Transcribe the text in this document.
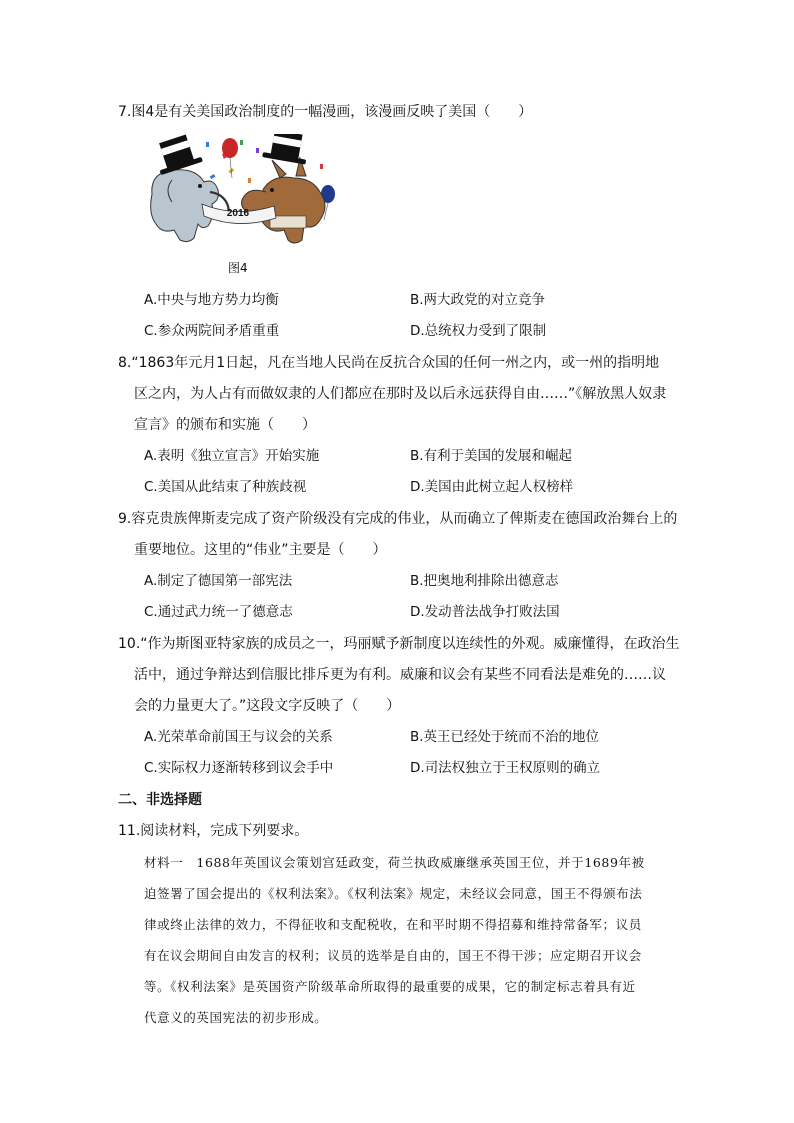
7.图4是有关美国政治制度的一幅漫画，该漫画反映了美国（　　）
2016
图4
A.中央与地方势力均衡	B.两大政党的对立竞争
C.参众两院间矛盾重重	D.总统权力受到了限制
8.“1863年元月1日起，凡在当地人民尚在反抗合众国的任何一州之内，或一州的指明地
区之内，为人占有而做奴隶的人们都应在那时及以后永远获得自由……”《解放黑人奴隶
宣言》的颁布和实施（　　）
A.表明《独立宣言》开始实施	B.有利于美国的发展和崛起
C.美国从此结束了种族歧视	D.美国由此树立起人权榜样
9.容克贵族俾斯麦完成了资产阶级没有完成的伟业，从而确立了俾斯麦在德国政治舞台上的
重要地位。这里的“伟业”主要是（　　）
A.制定了德国第一部宪法	B.把奥地利排除出德意志
C.通过武力统一了德意志	D.发动普法战争打败法国
10.“作为斯图亚特家族的成员之一，玛丽赋予新制度以连续性的外观。威廉懂得，在政治生
活中，通过争辩达到信服比排斥更为有利。威廉和议会有某些不同看法是难免的……议
会的力量更大了。”这段文字反映了（　　）
A.光荣革命前国王与议会的关系	B.英王已经处于统而不治的地位
C.实际权力逐渐转移到议会手中	D.司法权独立于王权原则的确立
二、非选择题
11.阅读材料，完成下列要求。
材料一　1688年英国议会策划宫廷政变，荷兰执政威廉继承英国王位，并于1689年被
迫签署了国会提出的《权利法案》。《权利法案》规定，未经议会同意，国王不得颁布法
律或终止法律的效力，不得征收和支配税收，在和平时期不得招募和维持常备军；议员
有在议会期间自由发言的权利；议员的选举是自由的，国王不得干涉；应定期召开议会
等。《权利法案》是英国资产阶级革命所取得的最重要的成果，它的制定标志着具有近
代意义的英国宪法的初步形成。
